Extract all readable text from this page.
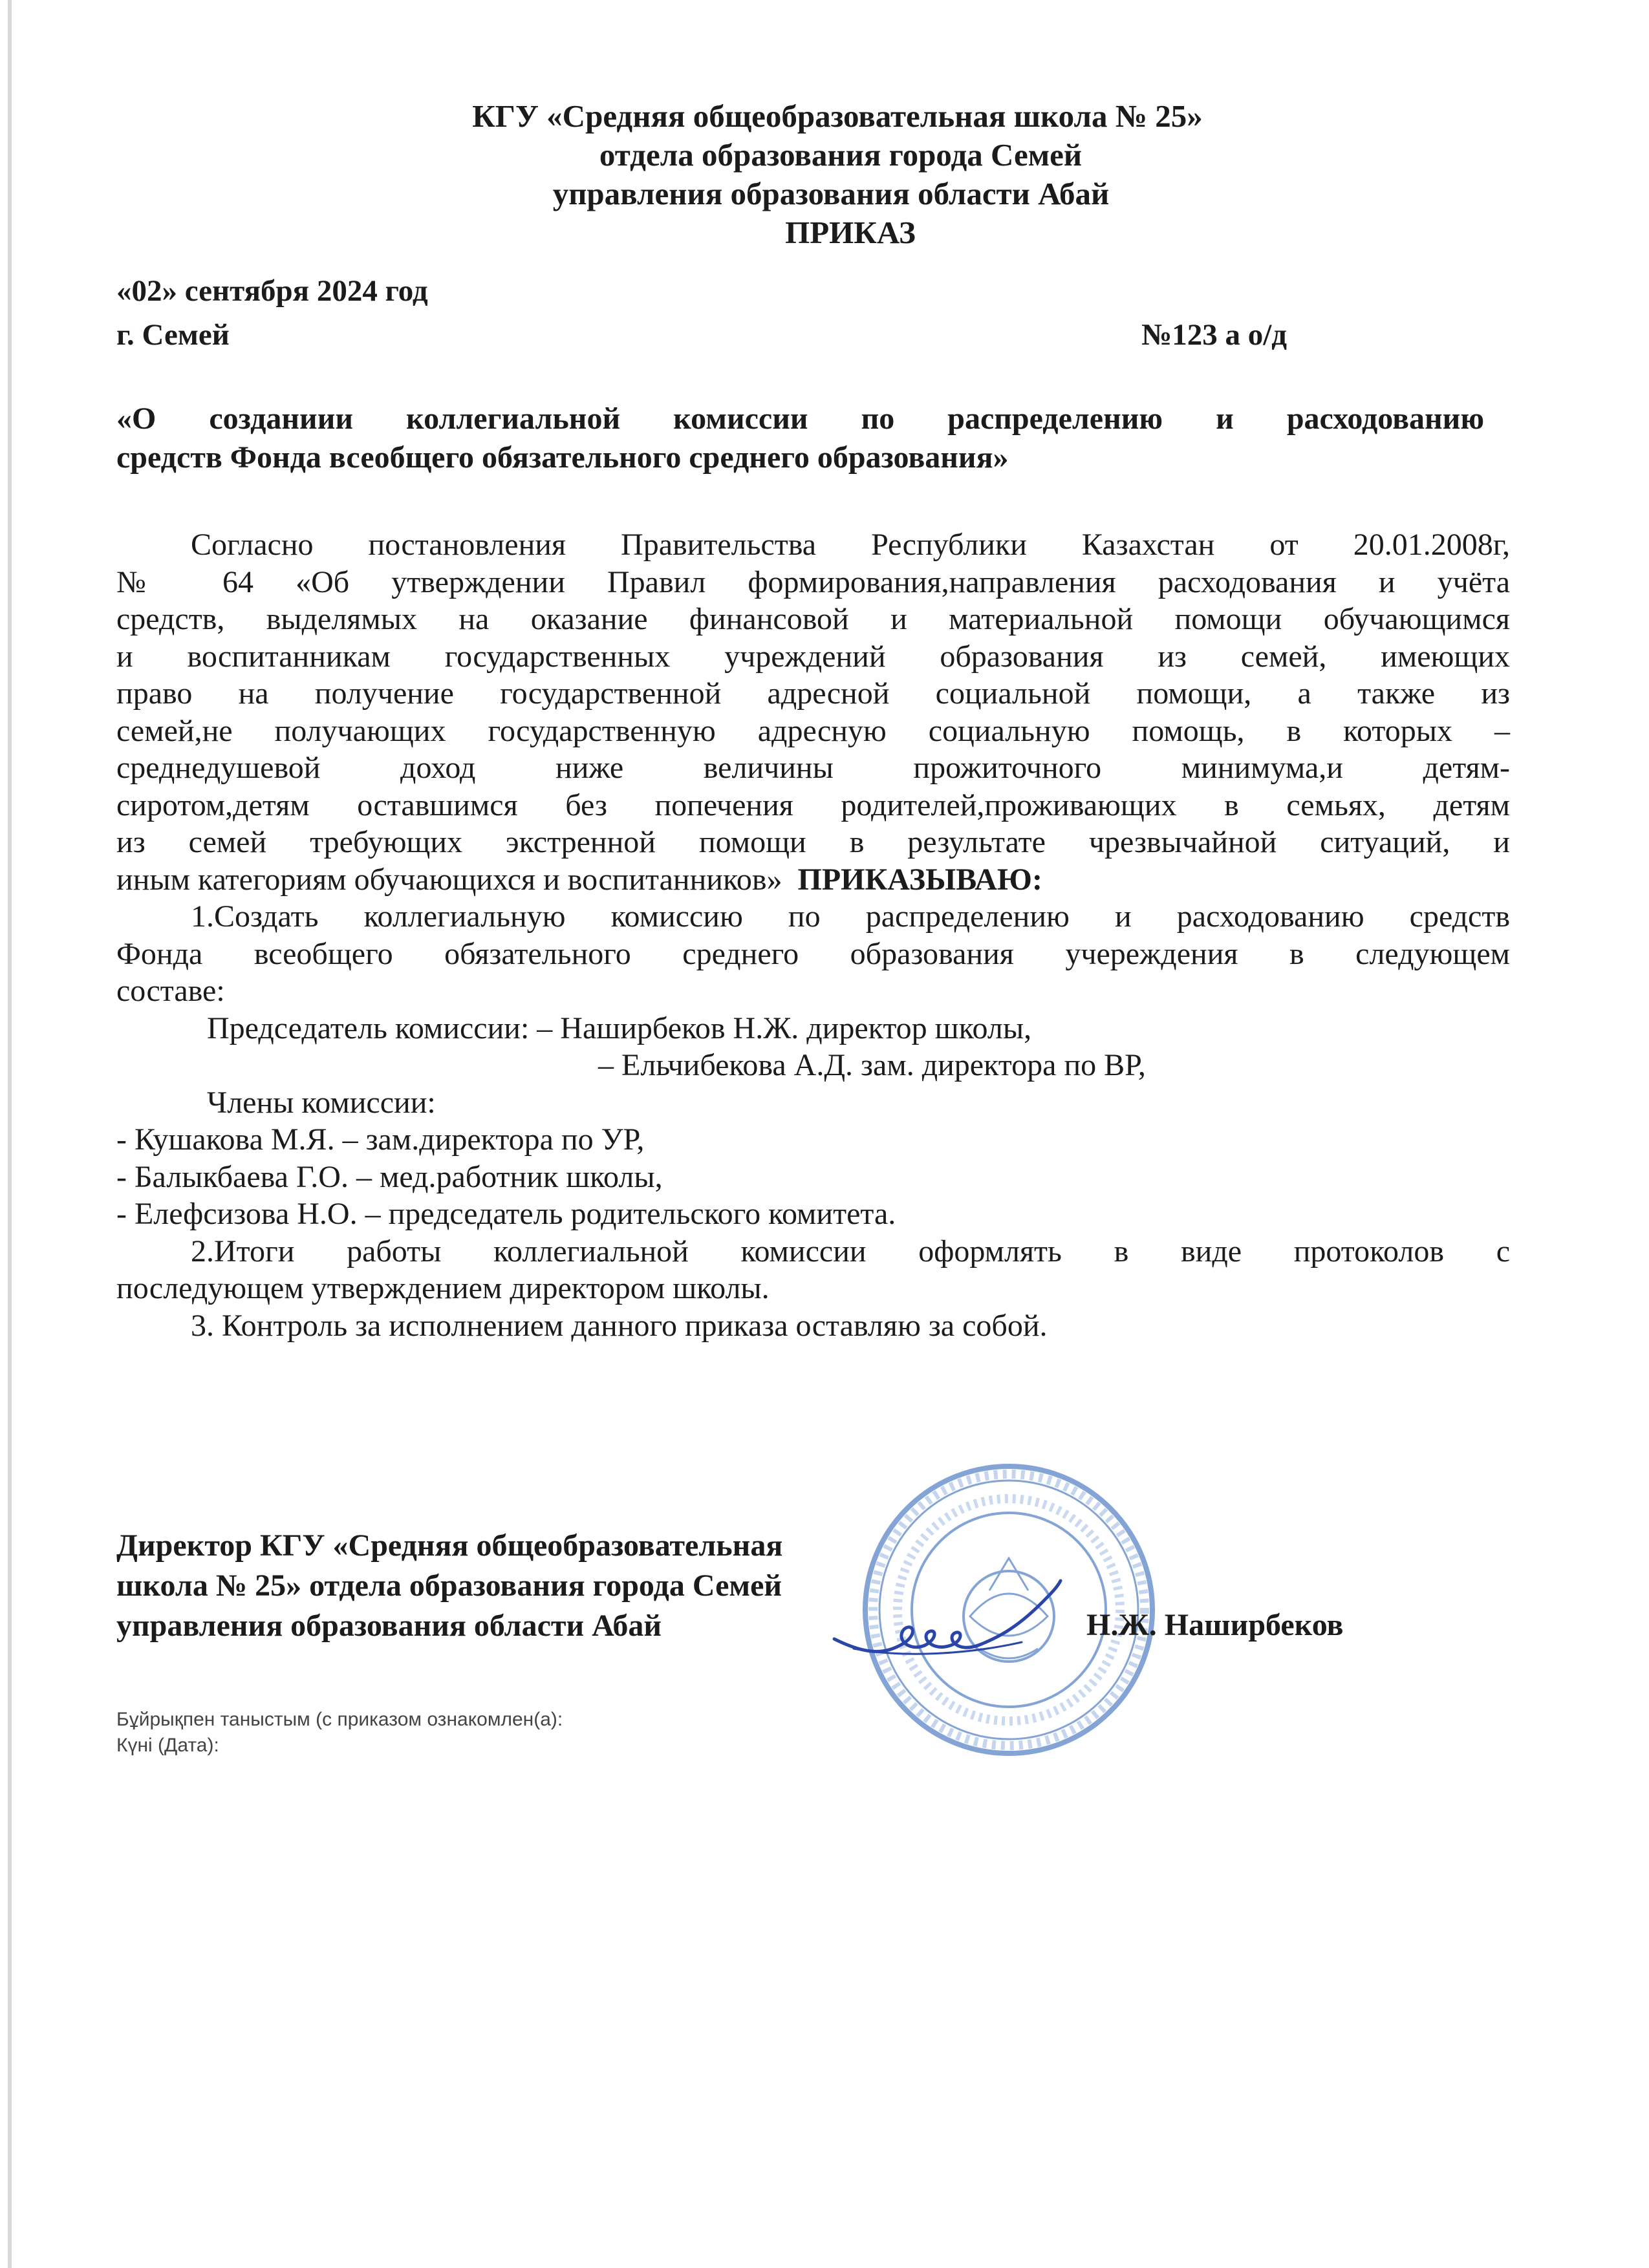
КГУ «Средняя общеобразовательная школа № 25»
отдела образования города Семей
управления образования области Абай
ПРИКАЗ
«02» сентября 2024 год
г. Семей	№123 а о/д
«О созданиии коллегиальной комиссии по распределению и расходованию
средств Фонда всеобщего обязательного среднего образования»
Согласно постановления Правительства Республики Казахстан от 20.01.2008г,
№ 64 «Об утверждении Правил формирования,направления расходования и учёта
средств, выделямых на оказание финансовой и материальной помощи обучающимся
и воспитанникам государственных учреждений образования из семей, имеющих
право на получение государственной адресной социальной помощи, а также из
семей,не получающих государственную адресную социальную помощь, в которых –
среднедушевой доход ниже величины прожиточного минимума,и детям-
сиротом,детям оставшимся без попечения родителей,проживающих в семьях, детям
из семей требующих экстренной помощи в результате чрезвычайной ситуаций, и
иным категориям обучающихся и воспитанников» ПРИКАЗЫВАЮ:
1.Создать коллегиальную комиссию по распределению и расходованию средств
Фонда всеобщего обязательного среднего образования учереждения в следующем
составе:
Председатель комиссии: – Наширбеков Н.Ж. директор школы,
– Ельчибекова А.Д. зам. директора по ВР,
Члены комиссии:
- Кушакова М.Я. – зам.директора по УР,
- Балыкбаева Г.О. – мед.работник школы,
- Елефсизова Н.О. – председатель родительского комитета.
2.Итоги работы коллегиальной комиссии оформлять в виде протоколов с
последующем утверждением директором школы.
3. Контроль за исполнением данного приказа оставляю за собой.
Директор КГУ «Средняя общеобразовательная
школа № 25» отдела образования города Семей
управления образования области Абай	Н.Ж. Наширбеков
Бұйрықпен таныстым (с приказом ознакомлен(а):
Күні (Дата):
